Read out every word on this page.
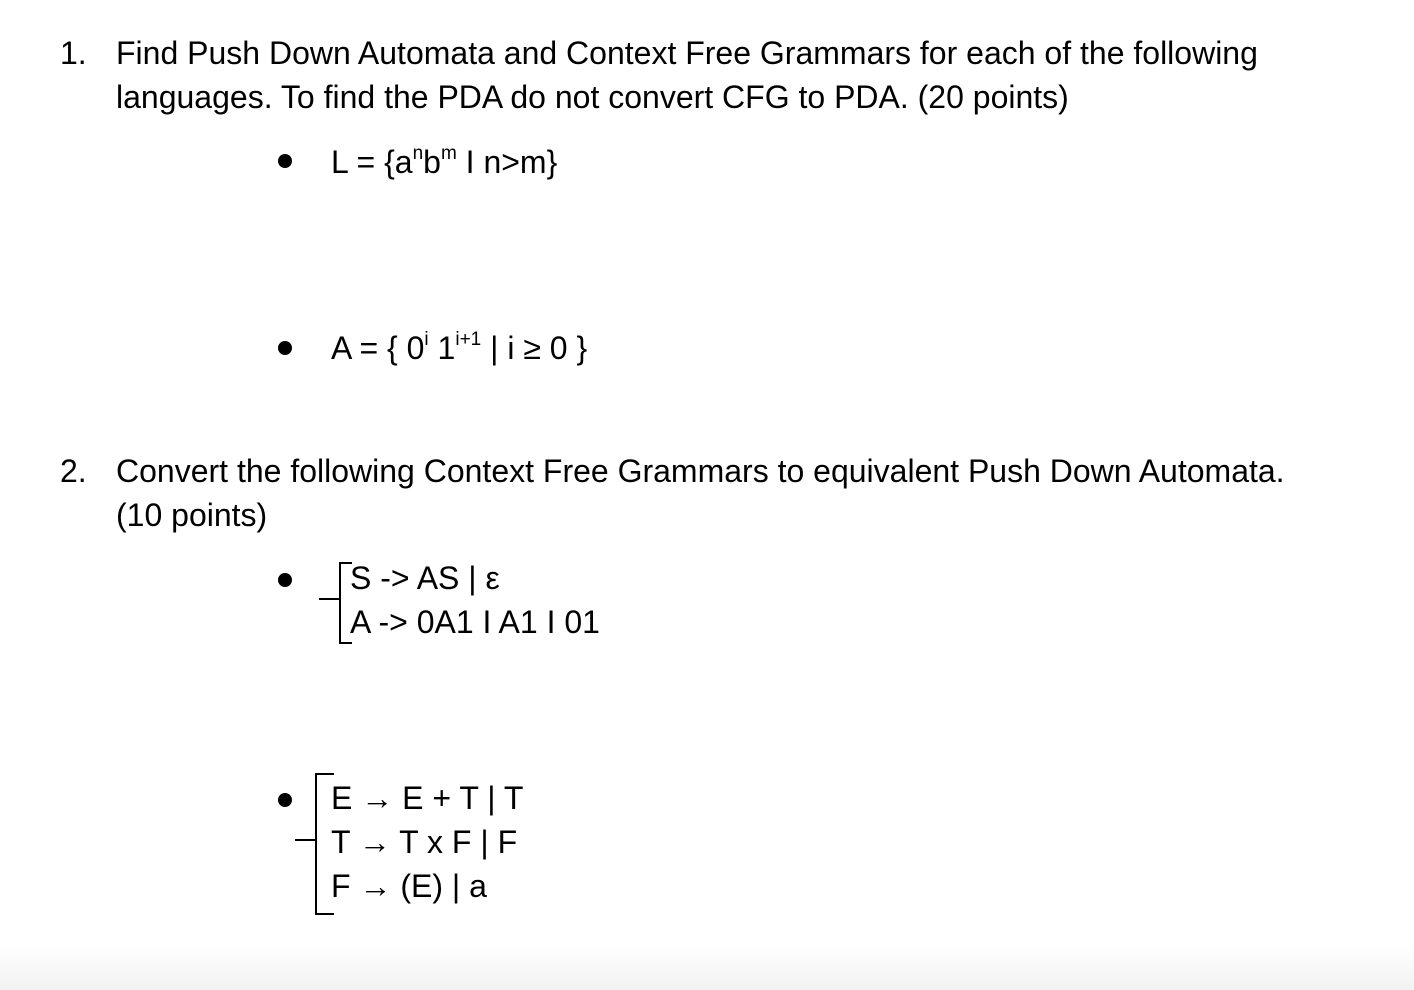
1. Find Push Down Automata and Context Free Grammars for each of the following
languages. To find the PDA do not convert CFG to PDA. (20 points)
$L = \{a^nb^m$ I n>m}
A = { 0$^i$ $1^{i+1}$ | i ≥ 0 }
2. Convert the following Context Free Grammars to equivalent Push Down Automata.
(10 points)
S -> AS | ε
A -> 0A1 I A1 I 01
E → E + T | T
T → T x F | F
F → (E) | a
